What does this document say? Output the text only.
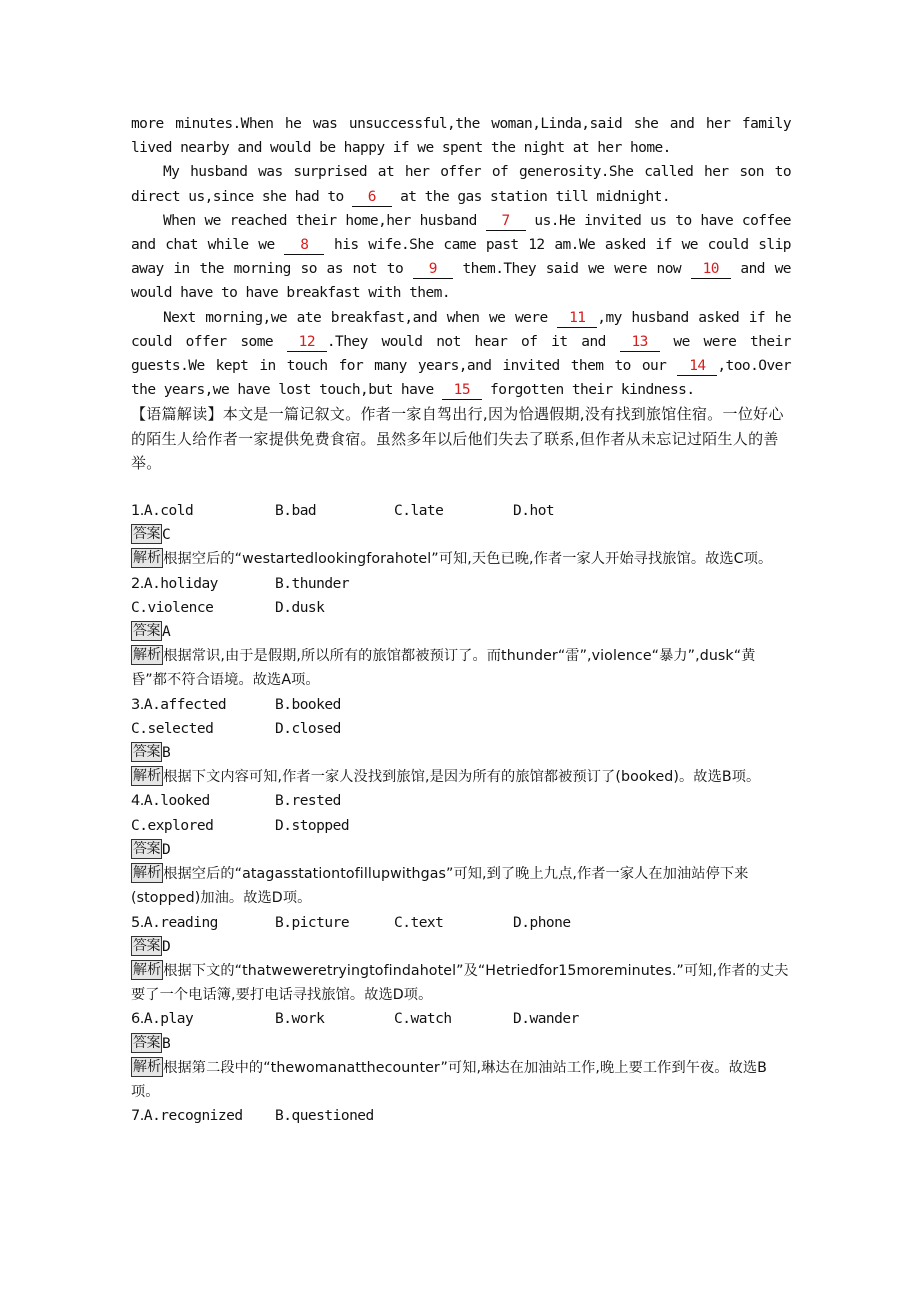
more minutes.When he was unsuccessful,the woman,Linda,said she and her family lived nearby and would be happy if we spent the night at her home.

My husband was surprised at her offer of generosity.She called her son to direct us,since she had to 6 at the gas station till midnight.

When we reached their home,her husband 7 us.He invited us to have coffee and chat while we 8 his wife.She came past 12 am.We asked if we could slip away in the morning so as not to 9 them.They said we were now 10 and we would have to have breakfast with them.

Next morning,we ate breakfast,and when we were 11 ,my husband asked if he could offer some 12 .They would not hear of it and 13 we were their guests.We kept in touch for many years,and invited them to our 14 ,too.Over the years,we have lost touch,but have 15 forgotten their kindness.

【语篇解读】本文是一篇记叙文。作者一家自驾出行,因为恰遇假期,没有找到旅馆住宿。一位好心的陌生人给作者一家提供免费食宿。虽然多年以后他们失去了联系,但作者从未忘记过陌生人的善举。

1.A.cold	B.bad	C.late	D.hot

答案 C

解析 根据空后的“westartedlookingforahotel”可知,天色已晚,作者一家人开始寻找旅馆。故选C项。

2.A.holiday	B.thunder
C.violence	D.dusk

答案 A

解析 根据常识,由于是假期,所以所有的旅馆都被预订了。而thunder“雷”,violence“暴力”,dusk“黄昏”都不符合语境。故选A项。

3.A.affected	B.booked
C.selected	D.closed

答案 B

解析 根据下文内容可知,作者一家人没找到旅馆,是因为所有的旅馆都被预订了(booked)。故选B项。

4.A.looked	B.rested
C.explored	D.stopped

答案 D

解析 根据空后的“atagasstationtofillupwithgas”可知,到了晚上九点,作者一家人在加油站停下来(stopped)加油。故选D项。

5.A.reading	B.picture	C.text	D.phone

答案 D

解析 根据下文的“thatweweretryingtofindahotel”及“Hetriedfor15moreminutes.”可知,作者的丈夫要了一个电话簿,要打电话寻找旅馆。故选D项。

6.A.play	B.work	C.watch	D.wander

答案 B

解析 根据第二段中的“thewomanatthecounter”可知,琳达在加油站工作,晚上要工作到午夜。故选B项。

7.A.recognized	B.questioned
